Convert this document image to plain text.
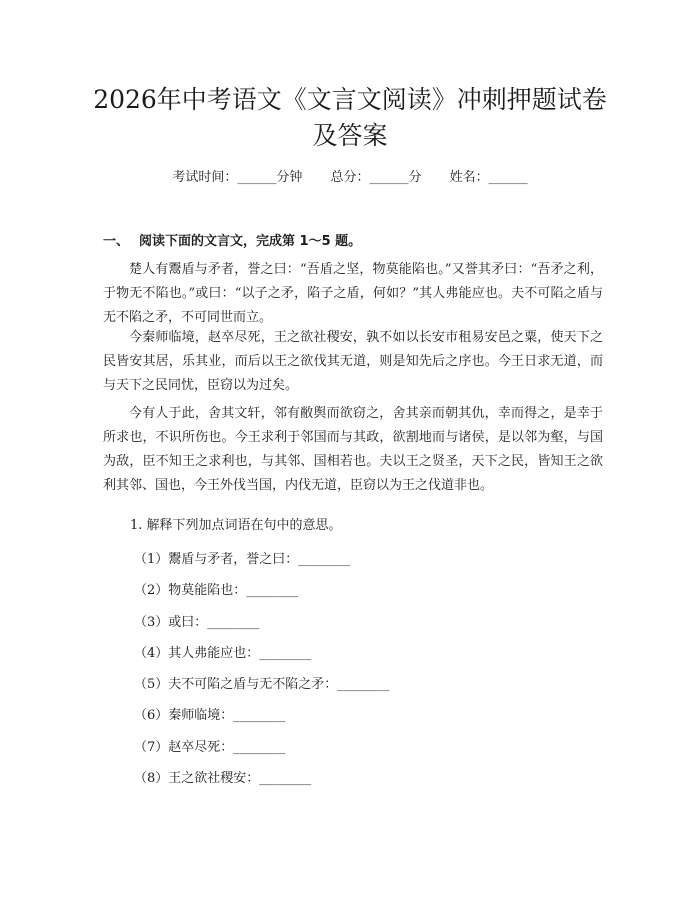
2026年中考语文《文言文阅读》冲刺押题试卷及答案
考试时间：______分钟 总分：______分 姓名：______
一、 阅读下面的文言文，完成第 1～5 题。

楚人有鬻盾与矛者，誉之曰：“吾盾之坚，物莫能陷也。”又誉其矛曰：“吾矛之利，于物无不陷也。”或曰：“以子之矛，陷子之盾，何如？”其人弗能应也。夫不可陷之盾与无不陷之矛，不可同世而立。

今秦师临境，赵卒尽死，王之欲社稷安，孰不如以长安市租易安邑之粟，使天下之民皆安其居，乐其业，而后以王之欲伐其无道，则是知先后之序也。今王日求无道，而与天下之民同忧，臣窃以为过矣。

今有人于此，舍其文轩，邻有敝舆而欲窃之，舍其亲而朝其仇，幸而得之，是幸于所求也，不识所伤也。今王求利于邻国而与其政，欲割地而与诸侯，是以邻为壑，与国为敌，臣不知王之求利也，与其邻、国相若也。夫以王之贤圣，天下之民，皆知王之欲利其邻、国也，今王外伐当国，内伐无道，臣窃以为王之伐道非也。

1. 解释下列加点词语在句中的意思。
（1）鬻盾与矛者，誉之曰：________
（2）物莫能陷也：________
（3）或曰：________
（4）其人弗能应也：________
（5）夫不可陷之盾与无不陷之矛：________
（6）秦师临境：________
（7）赵卒尽死：________
（8）王之欲社稷安：________
